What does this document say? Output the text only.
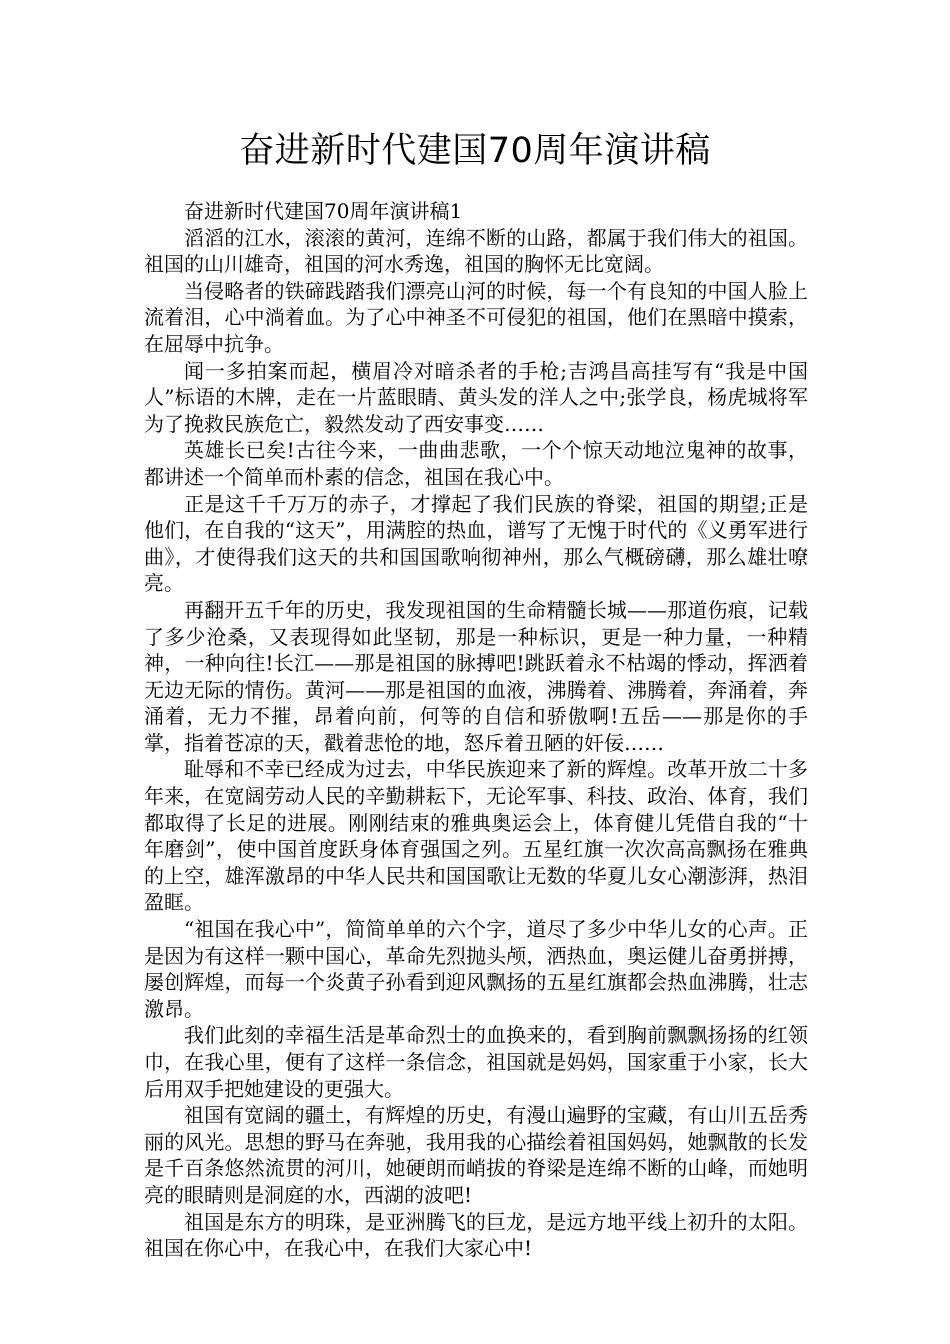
奋进新时代建国70周年演讲稿

奋进新时代建国70周年演讲稿1

滔滔的江水，滚滚的黄河，连绵不断的山路，都属于我们伟大的祖国。祖国的山川雄奇，祖国的河水秀逸，祖国的胸怀无比宽阔。

当侵略者的铁碲践踏我们漂亮山河的时候，每一个有良知的中国人脸上流着泪，心中淌着血。为了心中神圣不可侵犯的祖国，他们在黑暗中摸索，在屈辱中抗争。

闻一多拍案而起，横眉冷对暗杀者的手枪;吉鸿昌高挂写有“我是中国人”标语的木牌，走在一片蓝眼睛、黄头发的洋人之中;张学良，杨虎城将军为了挽救民族危亡，毅然发动了西安事变……

英雄长已矣!古往今来，一曲曲悲歌，一个个惊天动地泣鬼神的故事，都讲述一个简单而朴素的信念，祖国在我心中。

正是这千千万万的赤子，才撑起了我们民族的脊梁，祖国的期望;正是他们，在自我的“这天”，用满腔的热血，谱写了无愧于时代的《义勇军进行曲》，才使得我们这天的共和国国歌响彻神州，那么气概磅礴，那么雄壮嘹亮。

再翻开五千年的历史，我发现祖国的生命精髓长城——那道伤痕，记载了多少沧桑，又表现得如此坚韧，那是一种标识，更是一种力量，一种精神，一种向往!长江——那是祖国的脉搏吧!跳跃着永不枯竭的悸动，挥洒着无边无际的情伤。黄河——那是祖国的血液，沸腾着、沸腾着，奔涌着，奔涌着，无力不摧，昂着向前，何等的自信和骄傲啊!五岳——那是你的手掌，指着苍凉的天，戳着悲怆的地，怒斥着丑陋的奸佞……

耻辱和不幸已经成为过去，中华民族迎来了新的辉煌。改革开放二十多年来，在宽阔劳动人民的辛勤耕耘下，无论军事、科技、政治、体育，我们都取得了长足的进展。刚刚结束的雅典奥运会上，体育健儿凭借自我的“十年磨剑”，使中国首度跃身体育强国之列。五星红旗一次次高高飘扬在雅典的上空，雄浑激昂的中华人民共和国国歌让无数的华夏儿女心潮澎湃，热泪盈眶。

“祖国在我心中”，简简单单的六个字，道尽了多少中华儿女的心声。正是因为有这样一颗中国心，革命先烈抛头颅，洒热血，奥运健儿奋勇拼搏，屡创辉煌，而每一个炎黄子孙看到迎风飘扬的五星红旗都会热血沸腾，壮志激昂。

我们此刻的幸福生活是革命烈士的血换来的，看到胸前飘飘扬扬的红领巾，在我心里，便有了这样一条信念，祖国就是妈妈，国家重于小家，长大后用双手把她建设的更强大。

祖国有宽阔的疆土，有辉煌的历史，有漫山遍野的宝藏，有山川五岳秀丽的风光。思想的野马在奔驰，我用我的心描绘着祖国妈妈，她飘散的长发是千百条悠然流贯的河川，她硬朗而峭拔的脊梁是连绵不断的山峰，而她明亮的眼睛则是洞庭的水，西湖的波吧!

祖国是东方的明珠，是亚洲腾飞的巨龙，是远方地平线上初升的太阳。祖国在你心中，在我心中，在我们大家心中!
